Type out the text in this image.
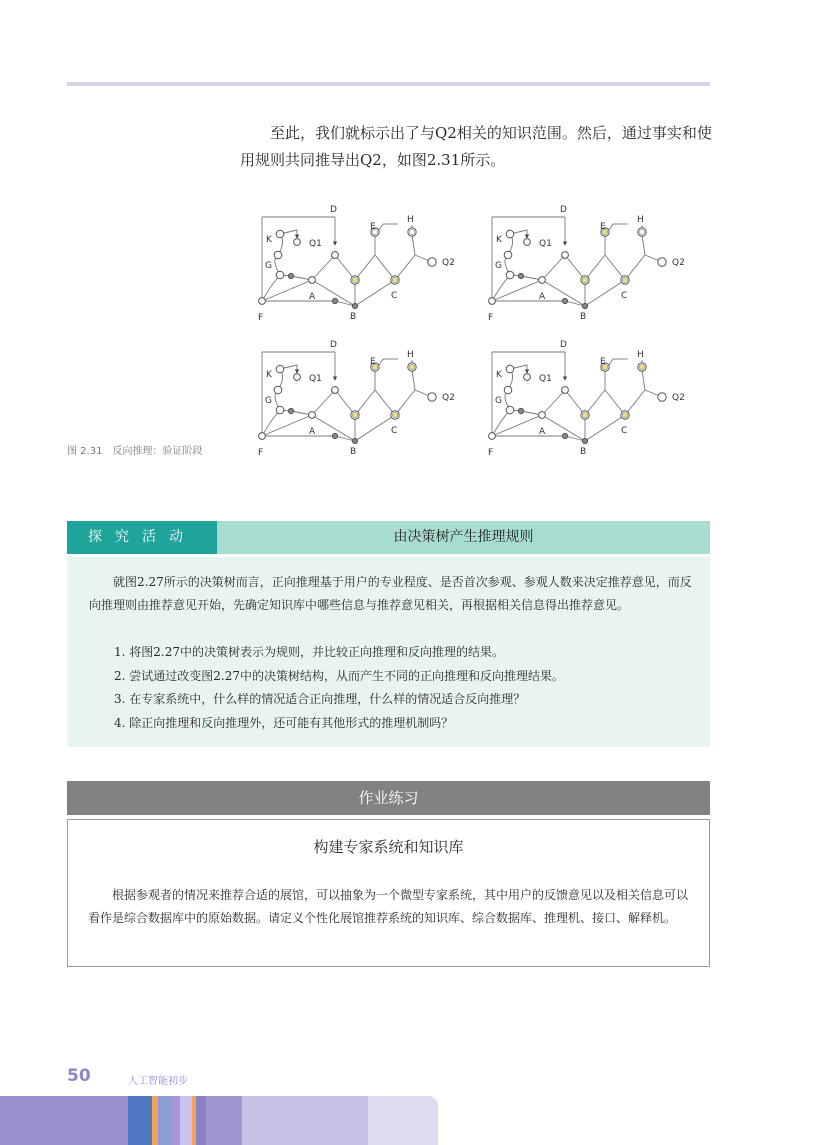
至此，我们就标示出了与Q2相关的知识范围。然后，通过事实和使用规则共同推导出Q2，如图2.31所示。

D
E
H
K	Q1
G	Q2
A
B
C
F
D
E
H
K	Q1
G	Q2
A
B
C
F
D
E
H
K	Q1
G	Q2
A
B
C
F
D
E
H
K	Q1
G	Q2
A
B
C
F
图 2.31　反向推理：验证阶段
探究活动	由决策树产生推理规则

就图2.27所示的决策树而言，正向推理基于用户的专业程度、是否首次参观、参观人数来决定推荐意见，而反向推理则由推荐意见开始，先确定知识库中哪些信息与推荐意见相关，再根据相关信息得出推荐意见。

1. 将图2.27中的决策树表示为规则，并比较正向推理和反向推理的结果。
2. 尝试通过改变图2.27中的决策树结构，从而产生不同的正向推理和反向推理结果。
3. 在专家系统中，什么样的情况适合正向推理，什么样的情况适合反向推理？
4. 除正向推理和反向推理外，还可能有其他形式的推理机制吗？
作业练习
构建专家系统和知识库

根据参观者的情况来推荐合适的展馆，可以抽象为一个微型专家系统，其中用户的反馈意见以及相关信息可以看作是综合数据库中的原始数据。请定义个性化展馆推荐系统的知识库、综合数据库、推理机、接口、解释机。

50	人工智能初步
